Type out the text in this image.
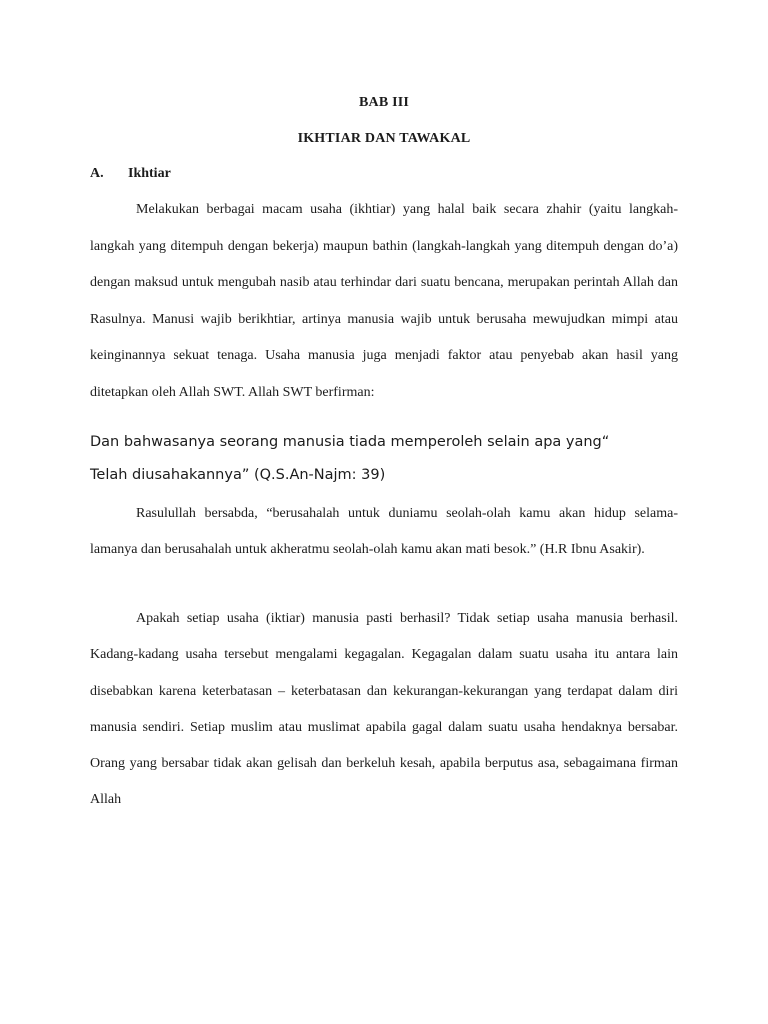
BAB III
IKHTIAR DAN TAWAKAL
A. Ikhtiar

Melakukan berbagai macam usaha (ikhtiar) yang halal baik secara zhahir (yaitu langkah-langkah yang ditempuh dengan bekerja) maupun bathin (langkah-langkah yang ditempuh dengan do’a) dengan maksud untuk mengubah nasib atau terhindar dari suatu bencana, merupakan perintah Allah dan Rasulnya. Manusi wajib berikhtiar, artinya manusia wajib untuk berusaha mewujudkan mimpi atau keinginannya sekuat tenaga. Usaha manusia juga menjadi faktor atau penyebab akan hasil yang ditetapkan oleh Allah SWT. Allah SWT berfirman:

Dan bahwasanya seorang manusia tiada memperoleh selain apa yang“
Telah diusahakannya” (Q.S.An-Najm: 39)

Rasulullah bersabda, “berusahalah untuk duniamu seolah-olah kamu akan hidup selama-lamanya dan berusahalah untuk akheratmu seolah-olah kamu akan mati besok.” (H.R Ibnu Asakir).

Apakah setiap usaha (iktiar) manusia pasti berhasil? Tidak setiap usaha manusia berhasil. Kadang-kadang usaha tersebut mengalami kegagalan. Kegagalan dalam suatu usaha itu antara lain disebabkan karena keterbatasan – keterbatasan dan kekurangan-kekurangan yang terdapat dalam diri manusia sendiri. Setiap muslim atau muslimat apabila gagal dalam suatu usaha hendaknya bersabar. Orang yang bersabar tidak akan gelisah dan berkeluh kesah, apabila berputus asa, sebagaimana firman Allah
